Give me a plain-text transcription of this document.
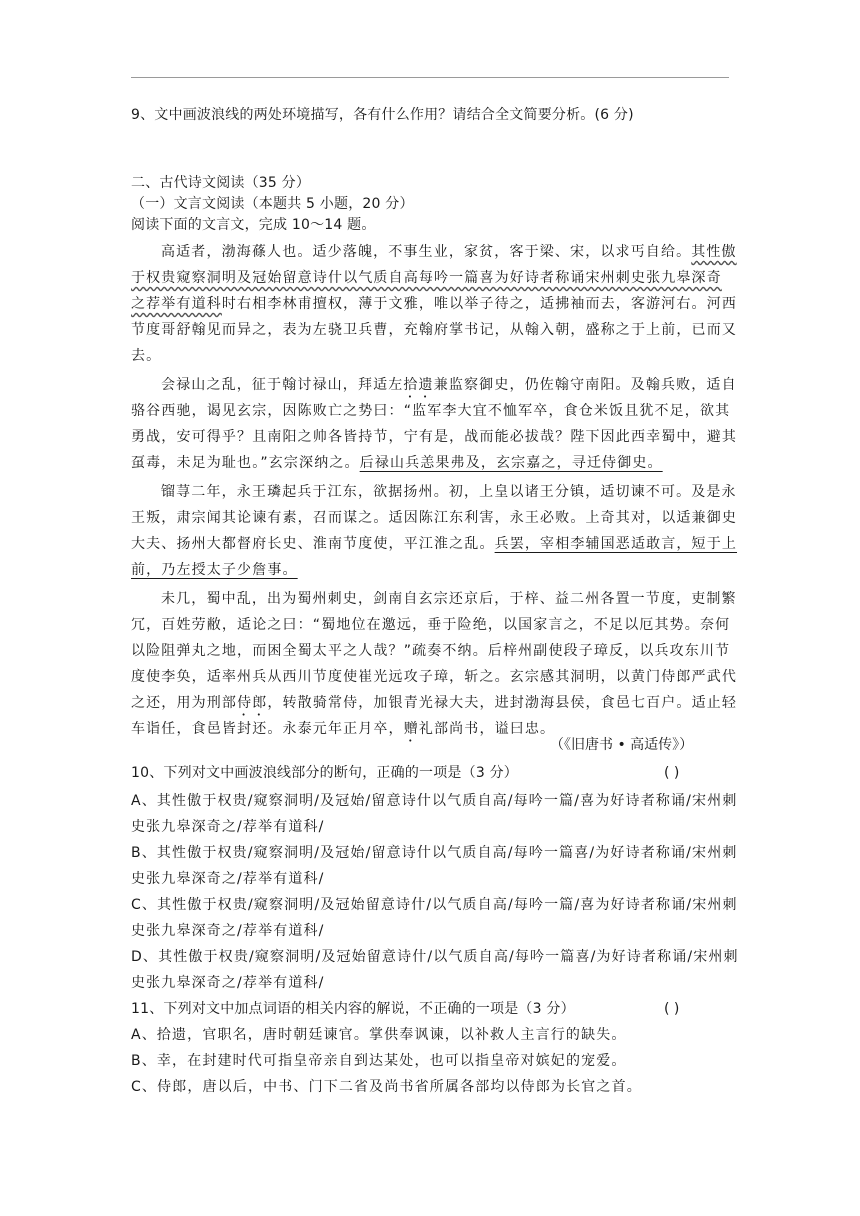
9、文中画波浪线的两处环境描写，各有什么作用？请结合全文简要分析。(6 分)
二、古代诗文阅读（35 分）
（一）文言文阅读（本题共 5 小题，20 分）
阅读下面的文言文，完成 10～14 题。
高适者，渤海蓧人也。适少落魄，不事生业，家贫，客于梁、宋，以求丐自给。其性傲
于权贵窥察洞明及冠始留意诗什以气质自高每吟一篇喜为好诗者称诵宋州刺史张九皋深奇
之荐举有道科时右相李林甫擅权，薄于文雅，唯以举子待之，适拂袖而去，客游河右。河西
节度哥舒翰见而异之，表为左骁卫兵曹，充翰府掌书记，从翰入朝，盛称之于上前，已而又
去。
会禄山之乱，征于翰讨禄山，拜适左拾遗兼监察御史，仍佐翰守南阳。及翰兵败，适自
骆谷西驰，谒见玄宗，因陈败亡之势曰：“监军李大宜不恤军卒，食仓米饭且犹不足，欲其
勇战，安可得乎？且南阳之帅各皆持节，宁有是，战而能必拔哉？陛下因此西幸蜀中，避其
虿毒，未足为耻也。”玄宗深纳之。后禄山兵恙果弗及，玄宗嘉之，寻迁侍御史。
镏荨二年，永王璘起兵于江东，欲据扬州。初，上皇以诸王分镇，适切谏不可。及是永
王叛，肃宗闻其论谏有素，召而谋之。适因陈江东利害，永王必败。上奇其对，以适兼御史
大夫、扬州大都督府长史、淮南节度使，平江淮之乱。兵罢，宰相李辅国恶适敢言，短于上
前，乃左授太子少詹事。
未几，蜀中乱，出为蜀州刺史，剑南自玄宗还京后，于梓、益二州各置一节度，吏制繁
冗，百姓劳敝，适论之曰：“蜀地位在邀远，垂于险绝，以国家言之，不足以厄其势。奈何
以险阻弹丸之地，而困全蜀太平之人哉？”疏奏不纳。后梓州副使段子璋反，以兵攻东川节
度使李奂，适率州兵从西川节度使崔光远攻子璋，斩之。玄宗感其洞明，以黄门侍郎严武代
之还，用为刑部侍郎，转散骑常侍，加银青光禄大夫，进封渤海县侯，食邑七百户。适止轻
车诣任，食邑皆封还。永泰元年正月卒，赠礼部尚书，谥曰忠。
（《旧唐书 • 高适传》）
10、下列对文中画波浪线部分的断句，正确的一项是（3 分）	( )
A、其性傲于权贵/窥察洞明/及冠始/留意诗什以气质自高/每吟一篇/喜为好诗者称诵/宋州刺
史张九皋深奇之/荐举有道科/
B、其性傲于权贵/窥察洞明/及冠始/留意诗什以气质自高/每吟一篇喜/为好诗者称诵/宋州刺
史张九皋深奇之/荐举有道科/
C、其性傲于权贵/窥察洞明/及冠始留意诗什/以气质自高/每吟一篇/喜为好诗者称诵/宋州刺
史张九皋深奇之/荐举有道科/
D、其性傲于权贵/窥察洞明/及冠始留意诗什/以气质自高/每吟一篇喜/为好诗者称诵/宋州刺
史张九皋深奇之/荐举有道科/
11、下列对文中加点词语的相关内容的解说，不正确的一项是（3 分）	( )
A、拾遗，官职名，唐时朝廷谏官。掌供奉讽谏，以补救人主言行的缺失。
B、幸，在封建时代可指皇帝亲自到达某处，也可以指皇帝对嫔妃的宠爱。
C、侍郎，唐以后，中书、门下二省及尚书省所属各部均以侍郎为长官之首。
